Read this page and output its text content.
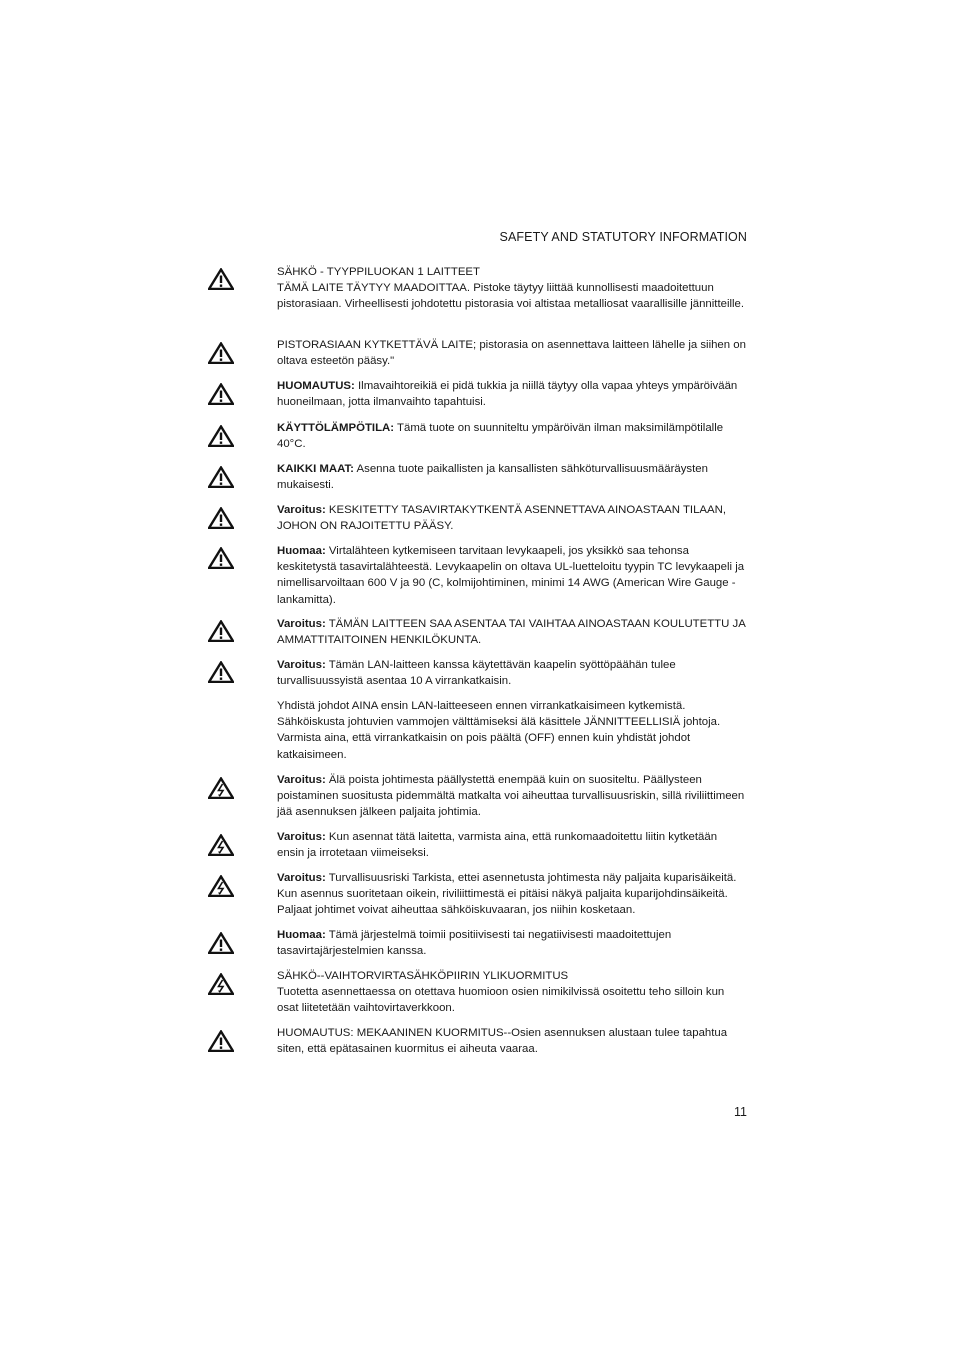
SAFETY AND STATUTORY INFORMATION

SÄHKÖ - TYYPPILUOKAN 1 LAITTEET

TÄMÄ LAITE TÄYTYY MAADOITTAA. Pistoke täytyy liittää kunnollisesti maadoitettuun pistorasiaan. Virheellisesti johdotettu pistorasia voi altistaa metalliosat vaarallisille jännitteille.

PISTORASIAAN KYTKETTÄVÄ LAITE; pistorasia on asennettava laitteen lähelle ja siihen on oltava esteetön pääsy."

HUOMAUTUS: Ilmavaihtoreikiä ei pidä tukkia ja niillä täytyy olla vapaa yhteys ympäröivään huoneilmaan, jotta ilmanvaihto tapahtuisi.

KÄYTTÖLÄMPÖTILA: Tämä tuote on suunniteltu ympäröivän ilman maksimilämpötilalle 40°C.

KAIKKI MAAT: Asenna tuote paikallisten ja kansallisten sähköturvallisuusmääräysten mukaisesti.

Varoitus: KESKITETTY TASAVIRTAKYTKENTÄ ASENNETTAVA AINOASTAAN TILAAN, JOHON ON RAJOITETTU PÄÄSY.

Huomaa: Virtalähteen kytkemiseen tarvitaan levykaapeli, jos yksikkö saa tehonsa keskitetystä tasavirtalähteestä. Levykaapelin on oltava UL-luetteloitu tyypin TC levykaapeli ja nimellisarvoiltaan 600 V ja 90 (C, kolmijohtiminen, minimi 14 AWG (American Wire Gauge -lankamitta).

Varoitus: TÄMÄN LAITTEEN SAA ASENTAA TAI VAIHTAA AINOASTAAN KOULUTETTU JA AMMATTITAITOINEN HENKILÖKUNTA.

Varoitus: Tämän LAN-laitteen kanssa käytettävän kaapelin syöttöpäähän tulee turvallisuussyistä asentaa 10 A virrankatkaisin.

Yhdistä johdot AINA ensin LAN-laitteeseen ennen virrankatkaisimeen kytkemistä. Sähköiskusta johtuvien vammojen välttämiseksi älä käsittele JÄNNITTEELLISIÄ johtoja. Varmista aina, että virrankatkaisin on pois päältä (OFF) ennen kuin yhdistät johdot katkaisimeen.

Varoitus: Älä poista johtimesta päällystettä enempää kuin on suositeltu. Päällysteen poistaminen suositusta pidemmältä matkalta voi aiheuttaa turvallisuusriskin, sillä riviliittimeen jää asennuksen jälkeen paljaita johtimia.

Varoitus: Kun asennat tätä laitetta, varmista aina, että runkomaadoitettu liitin kytketään ensin ja irrotetaan viimeiseksi.

Varoitus: Turvallisuusriski Tarkista, ettei asennetusta johtimesta näy paljaita kuparisäikeitä. Kun asennus suoritetaan oikein, riviliittimestä ei pitäisi näkyä paljaita kuparijohdinsäikeitä. Paljaat johtimet voivat aiheuttaa sähköiskuvaaran, jos niihin kosketaan.

Huomaa: Tämä järjestelmä toimii positiivisesti tai negatiivisesti maadoitettujen tasavirtajärjestelmien kanssa.

SÄHKÖ--VAIHTORVIRTASÄHKÖPIIRIN YLIKUORMITUS

Tuotetta asennettaessa on otettava huomioon osien nimikilvissä osoitettu teho silloin kun osat liitetetään vaihtovirtaverkkoon.

HUOMAUTUS: MEKAANINEN KUORMITUS--Osien asennuksen alustaan tulee tapahtua siten, että epätasainen kuormitus ei aiheuta vaaraa.

11
